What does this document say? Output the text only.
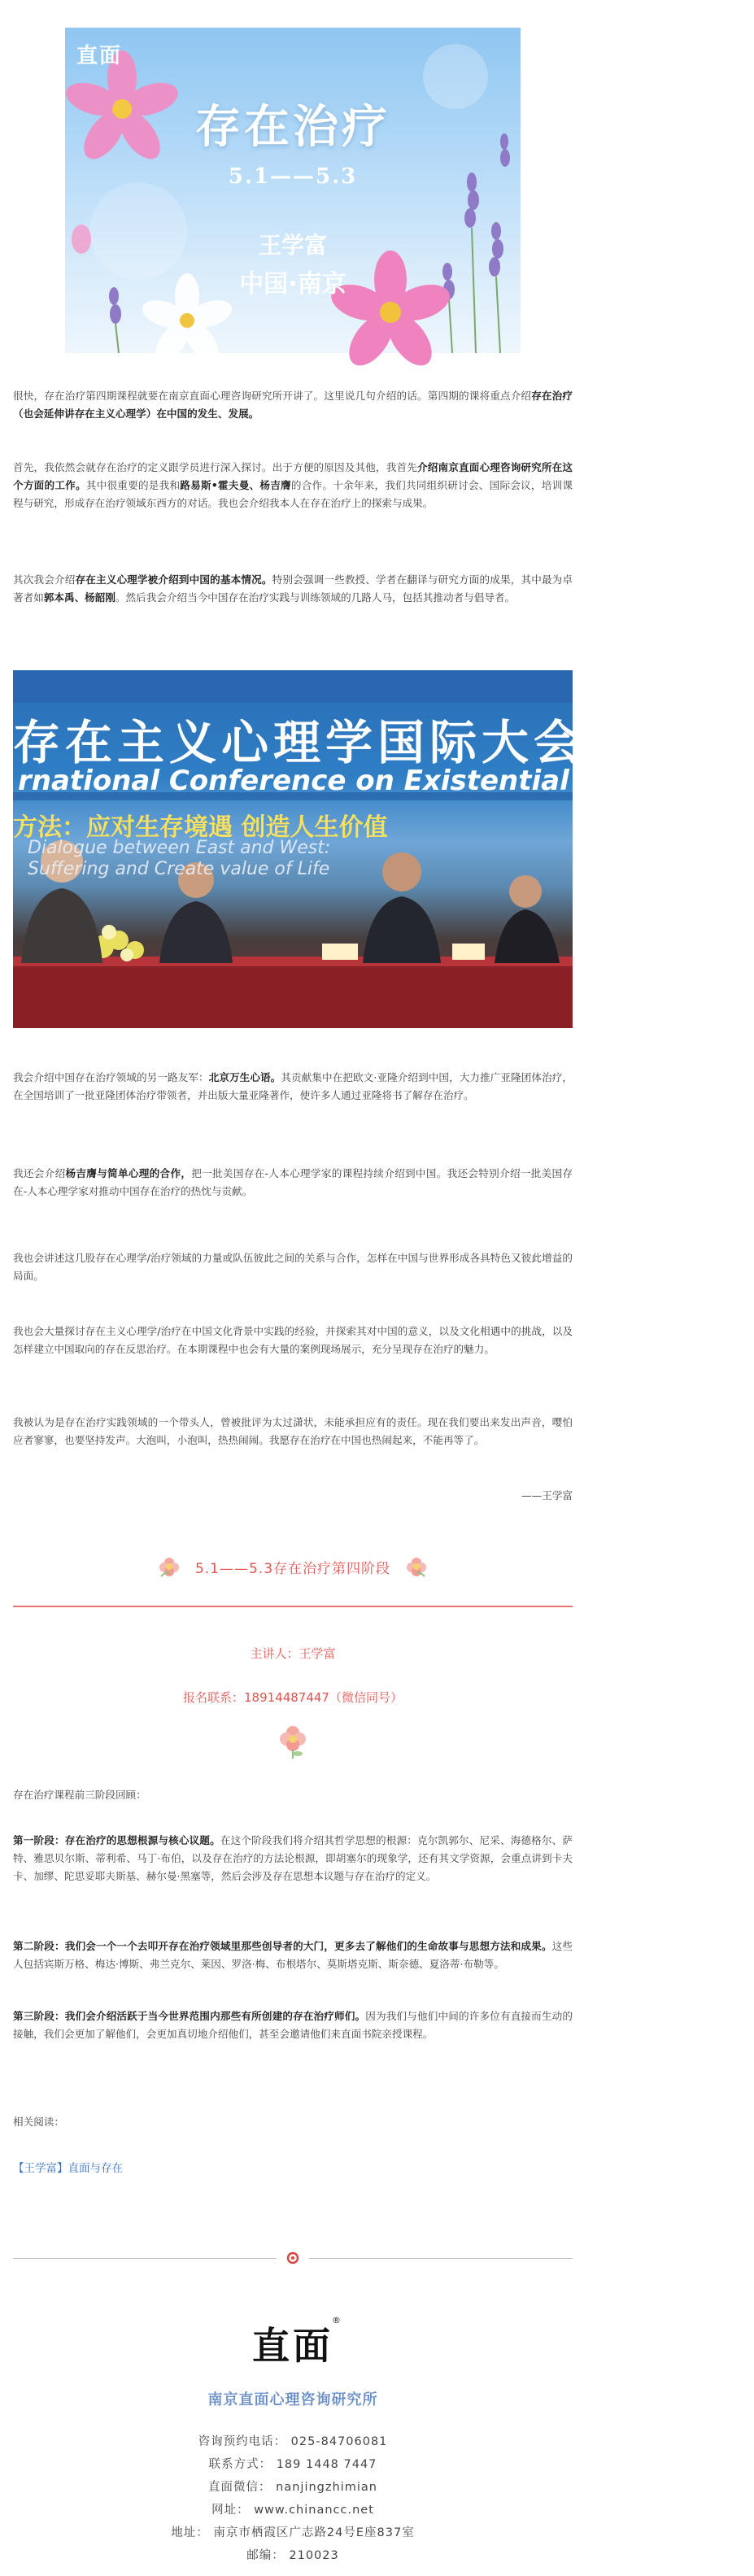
直面
存在治疗
5.1——5.3
王学富
中国·南京

很快，存在治疗第四期课程就要在南京直面心理咨询研究所开讲了。这里说几句介绍的话。第四期的课将重点介绍存在治疗（也会延伸讲存在主义心理学）在中国的发生、发展。

首先，我依然会就存在治疗的定义跟学员进行深入探讨。出于方便的原因及其他，我首先介绍南京直面心理咨询研究所在这个方面的工作。其中很重要的是我和路易斯•霍夫曼、杨吉膺的合作。十余年来，我们共同组织研讨会、国际会议，培训课程与研究，形成存在治疗领域东西方的对话。我也会介绍我本人在存在治疗上的探索与成果。

其次我会介绍存在主义心理学被介绍到中国的基本情况。特别会强调一些教授、学者在翻译与研究方面的成果，其中最为卓著者如郭本禹、杨韶刚。然后我会介绍当今中国存在治疗实践与训练领域的几路人马，包括其推动者与倡导者。

存在主义心理学国际大会
rnational Conference on Existential Psychology
方法：应对生存境遇 创造人生价值
Dialogue between East and West:
Suffering and Create value of Life

我会介绍中国存在治疗领域的另一路友军：北京万生心语。其贡献集中在把欧文·亚隆介绍到中国，大力推广亚隆团体治疗，在全国培训了一批亚隆团体治疗带领者，并出版大量亚隆著作，使许多人通过亚隆将书了解存在治疗。

我还会介绍杨吉膺与简单心理的合作，把一批美国存在-人本心理学家的课程持续介绍到中国。我还会特别介绍一批美国存在-人本心理学家对推动中国存在治疗的热忱与贡献。

我也会讲述这几股存在心理学/治疗领域的力量或队伍彼此之间的关系与合作，怎样在中国与世界形成各具特色又彼此增益的局面。

我也会大量探讨存在主义心理学/治疗在中国文化背景中实践的经验，并探索其对中国的意义，以及文化相遇中的挑战，以及怎样建立中国取向的存在反思治疗。在本期课程中也会有大量的案例现场展示，充分呈现存在治疗的魅力。

我被认为是存在治疗实践领域的一个带头人，曾被批评为太过潇状，未能承担应有的责任。现在我们要出来发出声音，嘤怕应者寥寥，也要坚持发声。大泡叫，小泡叫，热热闹闹。我愿存在治疗在中国也热闹起来，不能再等了。

——王学富

5.1——5.3存在治疗第四阶段
主讲人：王学富
报名联系：18914487447（微信同号）

存在治疗课程前三阶段回顾：

第一阶段：存在治疗的思想根源与核心议题。在这个阶段我们将介绍其哲学思想的根源：克尔凯郭尔、尼采、海德格尔、萨特、雅思贝尔斯、蒂利希、马丁·布伯，以及存在治疗的方法论根源，即胡塞尔的现象学，还有其文学资源，会重点讲到卡夫卡、加缪、陀思妥耶夫斯基、赫尔曼·黑塞等，然后会涉及存在思想本议题与存在治疗的定义。

第二阶段：我们会一个一个去叩开存在治疗领域里那些创导者的大门，更多去了解他们的生命故事与思想方法和成果。这些人包括宾斯万格、梅达·博斯、弗兰克尔、莱因、罗洛·梅、布根塔尔、莫斯塔克斯、斯奈德、夏洛蒂·布勒等。

第三阶段：我们会介绍活跃于当今世界范围内那些有所创建的存在治疗师们。因为我们与他们中间的许多位有直接而生动的接触，我们会更加了解他们，会更加真切地介绍他们，甚至会邀请他们来直面书院亲授课程。

相关阅读：

【王学富】直面与存在
直面
®
南京直面心理咨询研究所
咨询预约电话： 025-84706081
联系方式： 189 1448 7447
直面微信： nanjingzhimian
网址： www.chinancc.net
地址： 南京市栖霞区广志路24号E座837室
邮编： 210023
